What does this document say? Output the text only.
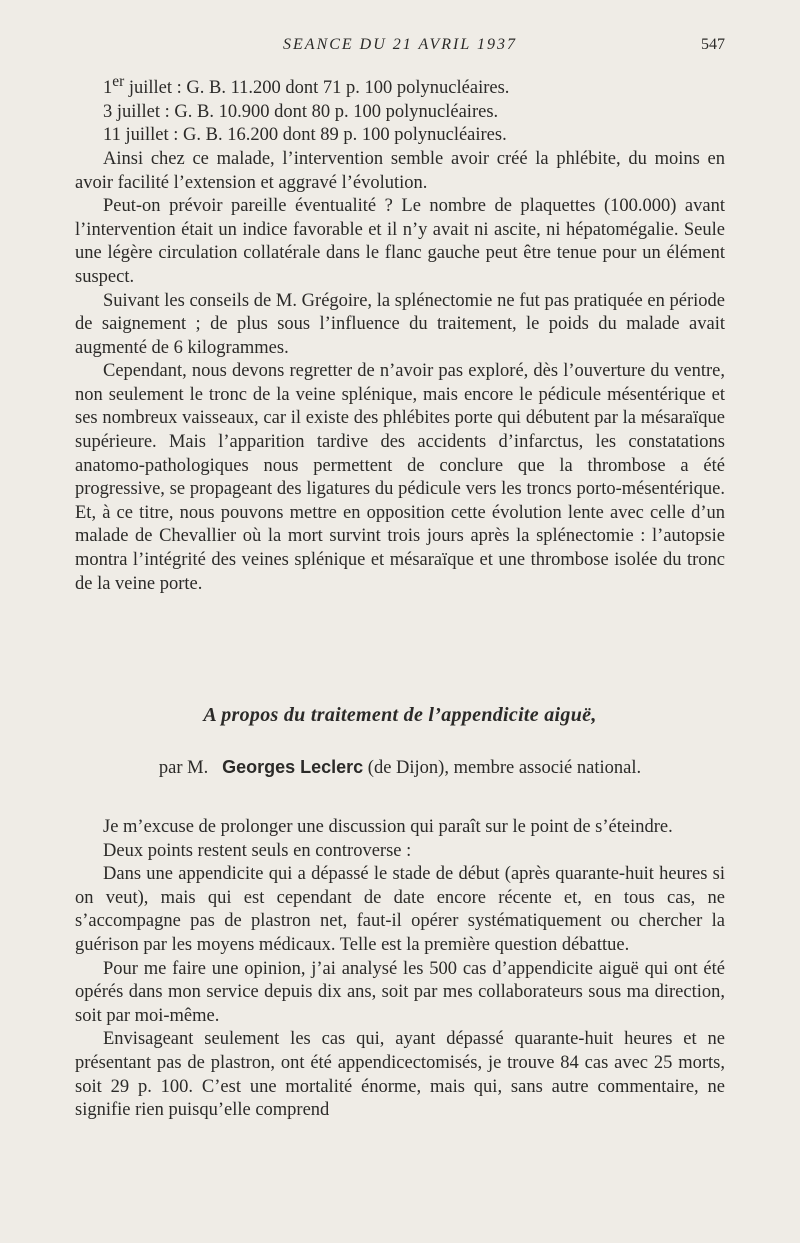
SEANCE DU 21 AVRIL 1937	547
1er juillet : G. B. 11.200 dont 71 p. 100 polynucléaires.
3 juillet : G. B. 10.900 dont 80 p. 100 polynucléaires.
11 juillet : G. B. 16.200 dont 89 p. 100 polynucléaires.

Ainsi chez ce malade, l’intervention semble avoir créé la phlébite, du moins en avoir facilité l’extension et aggravé l’évolution.

Peut-on prévoir pareille éventualité ? Le nombre de plaquettes (100.000) avant l’intervention était un indice favorable et il n’y avait ni ascite, ni hépatomégalie. Seule une légère circulation collatérale dans le flanc gauche peut être tenue pour un élément suspect.

Suivant les conseils de M. Grégoire, la splénectomie ne fut pas pratiquée en période de saignement ; de plus sous l’influence du traitement, le poids du malade avait augmenté de 6 kilogrammes.

Cependant, nous devons regretter de n’avoir pas exploré, dès l’ouverture du ventre, non seulement le tronc de la veine splénique, mais encore le pédicule mésentérique et ses nombreux vaisseaux, car il existe des phlébites porte qui débutent par la mésaraïque supérieure. Mais l’apparition tardive des accidents d’infarctus, les constatations anatomo-pathologiques nous permettent de conclure que la thrombose a été progressive, se propageant des ligatures du pédicule vers les troncs porto-mésentérique. Et, à ce titre, nous pouvons mettre en opposition cette évolution lente avec celle d’un malade de Chevallier où la mort survint trois jours après la splénectomie : l’autopsie montra l’intégrité des veines splénique et mésaraïque et une thrombose isolée du tronc de la veine porte.

A propos du traitement de l’appendicite aiguë,
par M. Georges Leclerc (de Dijon), membre associé national.

Je m’excuse de prolonger une discussion qui paraît sur le point de s’éteindre.

Deux points restent seuls en controverse :

Dans une appendicite qui a dépassé le stade de début (après quarante-huit heures si on veut), mais qui est cependant de date encore récente et, en tous cas, ne s’accompagne pas de plastron net, faut-il opérer systématiquement ou chercher la guérison par les moyens médicaux. Telle est la première question débattue.

Pour me faire une opinion, j’ai analysé les 500 cas d’appendicite aiguë qui ont été opérés dans mon service depuis dix ans, soit par mes collaborateurs sous ma direction, soit par moi-même.

Envisageant seulement les cas qui, ayant dépassé quarante-huit heures et ne présentant pas de plastron, ont été appendicectomisés, je trouve 84 cas avec 25 morts, soit 29 p. 100. C’est une mortalité énorme, mais qui, sans autre commentaire, ne signifie rien puisqu’elle comprend
